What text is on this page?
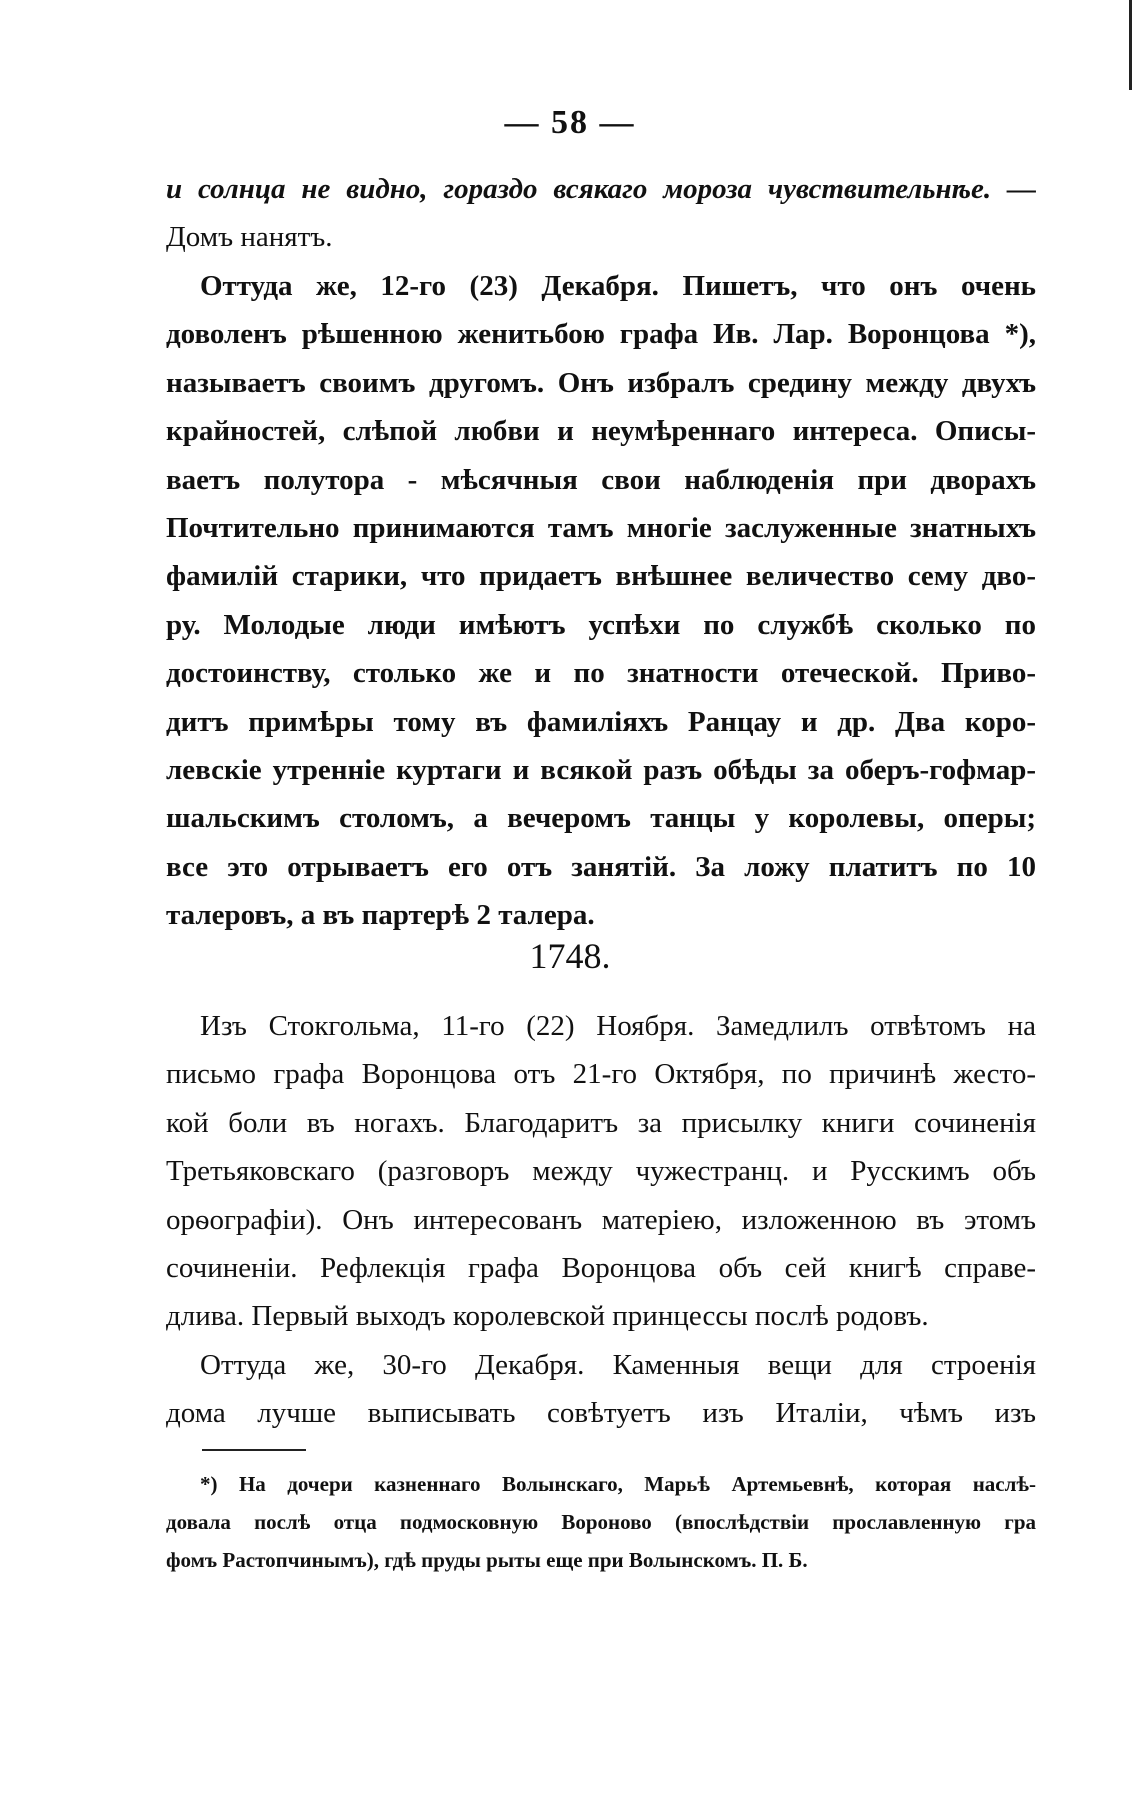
— 58 —
и солнца не видно, гораздо всякаго мороза чувствительнѣе. —
Домъ нанятъ.
Оттуда же, 12-го (23) Декабря. Пишетъ, что онъ очень
доволенъ рѣшенною женитьбою графа Ив. Лар. Воронцова *),
называетъ своимъ другомъ. Онъ избралъ средину между двухъ
крайностей, слѣпой любви и неумѣреннаго интереса. Описы-
ваетъ полутора - мѣсячныя свои наблюденія при дворахъ
Почтительно принимаются тамъ многіе заслуженные знатныхъ
фамилій старики, что придаетъ внѣшнее величество сему дво-
ру. Молодые люди имѣютъ успѣхи по службѣ сколько по
достоинству, столько же и по знатности отеческой. Приво-
дитъ примѣры тому въ фамиліяхъ Ранцау и др. Два коро-
левскіе утренніе куртаги и всякой разъ обѣды за оберъ-гофмар-
шальскимъ столомъ, а вечеромъ танцы у королевы, оперы;
все это отрываетъ его отъ занятій. За ложу платитъ по 10
талеровъ, а въ партерѣ 2 талера.
1748.
Изъ Стокгольма, 11-го (22) Ноября. Замедлилъ отвѣтомъ на
письмо графа Воронцова отъ 21-го Октября, по причинѣ жесто-
кой боли въ ногахъ. Благодаритъ за присылку книги сочиненія
Третьяковскаго (разговоръ между чужестранц. и Русскимъ объ
орѳографіи). Онъ интересованъ матеріею, изложенною въ этомъ
сочиненіи. Рефлекція графа Воронцова объ сей книгѣ справе-
длива. Первый выходъ королевской принцессы послѣ родовъ.
Оттуда же, 30-го Декабря. Каменныя вещи для строенія
дома лучше выписывать совѣтуетъ изъ Италіи, чѣмъ изъ
*) На дочери казненнаго Волынскаго, Марьѣ Артемьевнѣ, которая наслѣ-
довала послѣ отца подмосковную Вороново (впослѣдствіи прославленную гра
фомъ Растопчинымъ), гдѣ пруды рыты еще при Волынскомъ. П. Б.
